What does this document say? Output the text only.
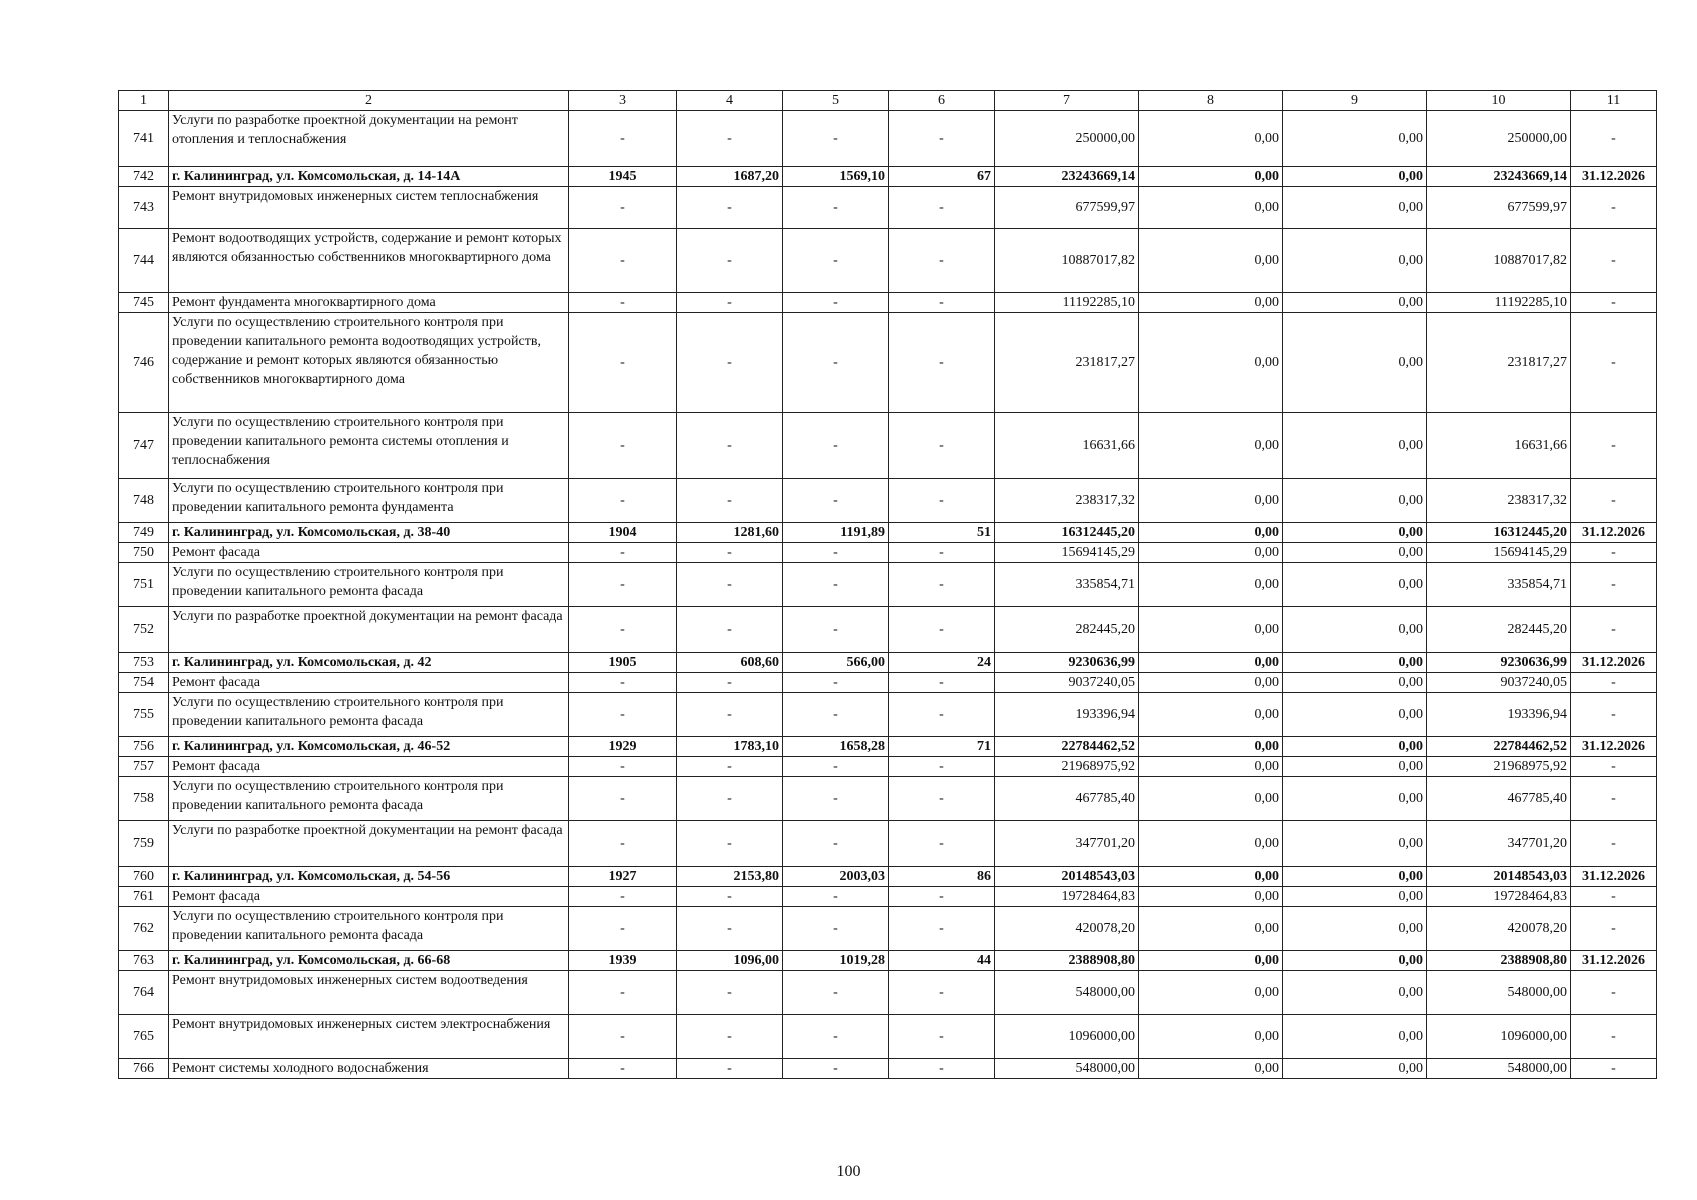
1	2	3	4	5	6	7	8	9	10	11
741	Услуги по разработке проектной документации на ремонт отопления и теплоснабжения	-	-	-	-	250000,00	0,00	0,00	250000,00	-
742	г. Калининград, ул. Комсомольская, д. 14-14А	1945	1687,20	1569,10	67	23243669,14	0,00	0,00	23243669,14	31.12.2026
743	Ремонт внутридомовых инженерных систем теплоснабжения	-	-	-	-	677599,97	0,00	0,00	677599,97	-
744	Ремонт водоотводящих устройств, содержание и ремонт которых являются обязанностью собственников многоквартирного дома	-	-	-	-	10887017,82	0,00	0,00	10887017,82	-
745	Ремонт фундамента многоквартирного дома	-	-	-	-	11192285,10	0,00	0,00	11192285,10	-
746	Услуги по осуществлению строительного контроля при проведении капитального ремонта водоотводящих устройств, содержание и ремонт которых являются обязанностью собственников многоквартирного дома	-	-	-	-	231817,27	0,00	0,00	231817,27	-
747	Услуги по осуществлению строительного контроля при проведении капитального ремонта системы отопления и теплоснабжения	-	-	-	-	16631,66	0,00	0,00	16631,66	-
748	Услуги по осуществлению строительного контроля при проведении капитального ремонта фундамента	-	-	-	-	238317,32	0,00	0,00	238317,32	-
749	г. Калининград, ул. Комсомольская, д. 38-40	1904	1281,60	1191,89	51	16312445,20	0,00	0,00	16312445,20	31.12.2026
750	Ремонт фасада	-	-	-	-	15694145,29	0,00	0,00	15694145,29	-
751	Услуги по осуществлению строительного контроля при проведении капитального ремонта фасада	-	-	-	-	335854,71	0,00	0,00	335854,71	-
752	Услуги по разработке проектной документации на ремонт фасада	-	-	-	-	282445,20	0,00	0,00	282445,20	-
753	г. Калининград, ул. Комсомольская, д. 42	1905	608,60	566,00	24	9230636,99	0,00	0,00	9230636,99	31.12.2026
754	Ремонт фасада	-	-	-	-	9037240,05	0,00	0,00	9037240,05	-
755	Услуги по осуществлению строительного контроля при проведении капитального ремонта фасада	-	-	-	-	193396,94	0,00	0,00	193396,94	-
756	г. Калининград, ул. Комсомольская, д. 46-52	1929	1783,10	1658,28	71	22784462,52	0,00	0,00	22784462,52	31.12.2026
757	Ремонт фасада	-	-	-	-	21968975,92	0,00	0,00	21968975,92	-
758	Услуги по осуществлению строительного контроля при проведении капитального ремонта фасада	-	-	-	-	467785,40	0,00	0,00	467785,40	-
759	Услуги по разработке проектной документации на ремонт фасада	-	-	-	-	347701,20	0,00	0,00	347701,20	-
760	г. Калининград, ул. Комсомольская, д. 54-56	1927	2153,80	2003,03	86	20148543,03	0,00	0,00	20148543,03	31.12.2026
761	Ремонт фасада	-	-	-	-	19728464,83	0,00	0,00	19728464,83	-
762	Услуги по осуществлению строительного контроля при проведении капитального ремонта фасада	-	-	-	-	420078,20	0,00	0,00	420078,20	-
763	г. Калининград, ул. Комсомольская, д. 66-68	1939	1096,00	1019,28	44	2388908,80	0,00	0,00	2388908,80	31.12.2026
764	Ремонт внутридомовых инженерных систем водоотведения	-	-	-	-	548000,00	0,00	0,00	548000,00	-
765	Ремонт внутридомовых инженерных систем электроснабжения	-	-	-	-	1096000,00	0,00	0,00	1096000,00	-
766	Ремонт системы холодного водоснабжения	-	-	-	-	548000,00	0,00	0,00	548000,00	-
100
